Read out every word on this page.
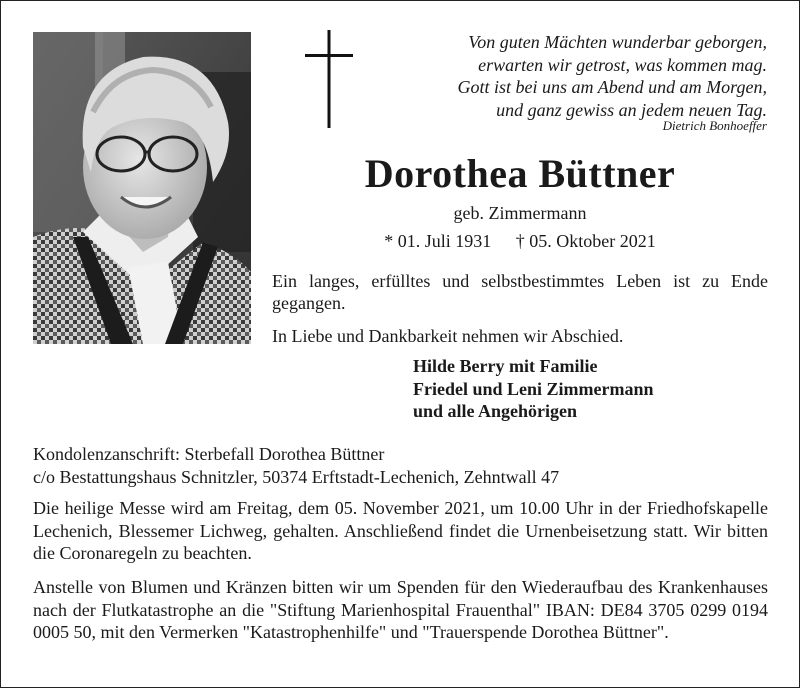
Von guten Mächten wunderbar geborgen,
erwarten wir getrost, was kommen mag.
Gott ist bei uns am Abend und am Morgen,
und ganz gewiss an jedem neuen Tag.
Dietrich Bonhoeffer
Dorothea Büttner
geb. Zimmermann
* 01. Juli 1931 † 05. Oktober 2021
Ein langes, erfülltes und selbstbestimmtes Leben ist zu Ende gegangen.
In Liebe und Dankbarkeit nehmen wir Abschied.
Hilde Berry mit Familie
Friedel und Leni Zimmermann
und alle Angehörigen
Kondolenzanschrift: Sterbefall Dorothea Büttner
c/o Bestattungshaus Schnitzler, 50374 Erftstadt-Lechenich, Zehntwall 47
Die heilige Messe wird am Freitag, dem 05. November 2021, um 10.00 Uhr in der Friedhofskapelle Lechenich, Blessemer Lichweg, gehalten. Anschließend findet die Urnenbeisetzung statt. Wir bitten die Coronaregeln zu beachten.
Anstelle von Blumen und Kränzen bitten wir um Spenden für den Wiederaufbau des Krankenhauses nach der Flutkatastrophe an die "Stiftung Marienhospital Frauenthal" IBAN: DE84 3705 0299 0194 0005 50, mit den Vermerken "Katastrophenhilfe" und "Trauerspende Dorothea Büttner".
